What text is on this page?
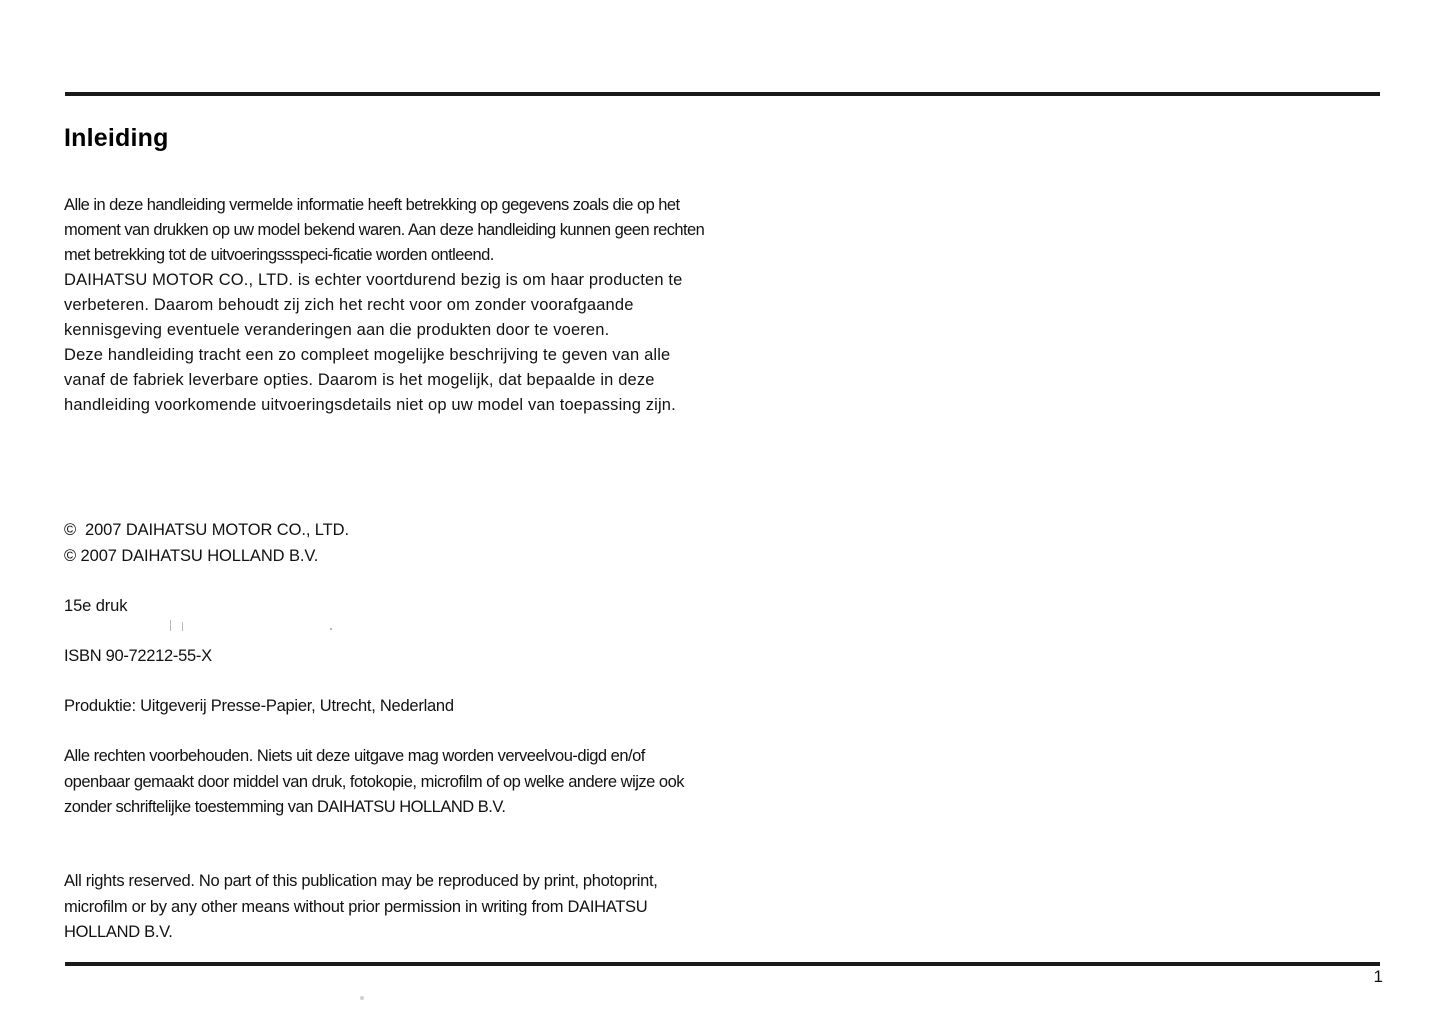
Inleiding

Alle in deze handleiding vermelde informatie heeft betrekking op gegevens zoals die op het moment van drukken op uw model bekend waren. Aan deze handleiding kunnen geen rechten met betrekking tot de uitvoeringssspeci-ficatie worden ontleend.

DAIHATSU MOTOR CO., LTD. is echter voortdurend bezig is om haar producten te verbeteren. Daarom behoudt zij zich het recht voor om zonder voorafgaande kennisgeving eventuele veranderingen aan die produkten door te voeren.

Deze handleiding tracht een zo compleet mogelijke beschrijving te geven van alle vanaf de fabriek leverbare opties. Daarom is het mogelijk, dat bepaalde in deze handleiding voorkomende uitvoeringsdetails niet op uw model van toepassing zijn.

©  2007 DAIHATSU MOTOR CO., LTD.
© 2007 DAIHATSU HOLLAND B.V.
15e druk
ISBN 90-72212-55-X
Produktie: Uitgeverij Presse-Papier, Utrecht, Nederland
Alle rechten voorbehouden. Niets uit deze uitgave mag worden verveelvou-digd en/of openbaar gemaakt door middel van druk, fotokopie, microfilm of op welke andere wijze ook zonder schriftelijke toestemming van DAIHATSU HOLLAND B.V.
All rights reserved. No part of this publication may be reproduced by print, photoprint, microfilm or by any other means without prior permission in writing from DAIHATSU HOLLAND B.V.
1
